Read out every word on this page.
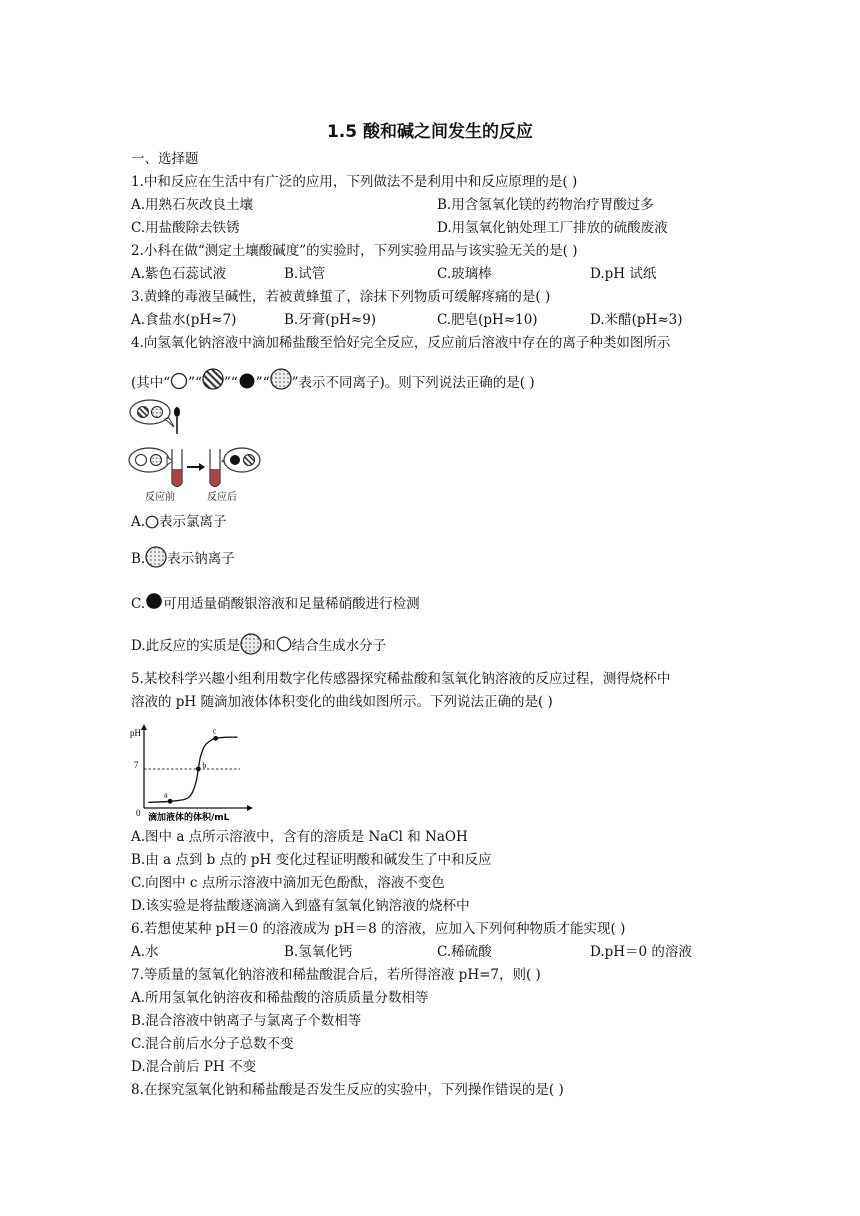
1.5 酸和碱之间发生的反应
一、选择题
1.中和反应在生活中有广泛的应用，下列做法不是利用中和反应原理的是( )
A.用熟石灰改良土壤	B.用含氢氧化镁的药物治疗胃酸过多
C.用盐酸除去铁锈	D.用氢氧化钠处理工厂排放的硫酸废液
2.小科在做“测定土壤酸碱度”的实验时，下列实验用品与该实验无关的是( )
A.紫色石蕊试液	B.试管	C.玻璃棒	D.pH 试纸
3.黄蜂的毒液呈碱性，若被黄蜂蜇了，涂抹下列物质可缓解疼痛的是( )
A.食盐水(pH≈7)	B.牙膏(pH≈9)	C.肥皂(pH≈10)	D.米醋(pH≈3)
4.向氢氧化钠溶液中滴加稀盐酸至恰好完全反应，反应前后溶液中存在的离子种类如图所示
(其中“ ”“ ”“ ”“ ”表示不同离子)。则下列说法正确的是( )
反应前	反应后
A. 表示氯离子
B. 表示钠离子
C. 可用适量硝酸银溶液和足量稀硝酸进行检测
D.此反应的实质是 和 结合生成水分子
5.某校科学兴趣小组利用数字化传感器探究稀盐酸和氢氧化钠溶液的反应过程，测得烧杯中
溶液的 pH 随滴加液体体积变化的曲线如图所示。下列说法正确的是( )
pH
0
7
a
b
c
滴加液体的体积/mL
A.图中 a 点所示溶液中，含有的溶质是 NaCl 和 NaOH
B.由 a 点到 b 点的 pH 变化过程证明酸和碱发生了中和反应
C.向图中 c 点所示溶液中滴加无色酚酞，溶液不变色
D.该实验是将盐酸逐滴滴入到盛有氢氧化钠溶液的烧杯中
6.若想使某种 pH＝0 的溶液成为 pH＝8 的溶液，应加入下列何种物质才能实现( )
A.水	B.氢氧化钙	C.稀硫酸	D.pH＝0 的溶液
7.等质量的氢氧化钠溶液和稀盐酸混合后，若所得溶液 pH=7，则( )
A.所用氢氧化钠溶夜和稀盐酸的溶质质量分数相等
B.混合溶液中钠离子与氯离子个数相等
C.混合前后水分子总数不变
D.混合前后 PH 不变
8.在探究氢氧化钠和稀盐酸是否发生反应的实验中，下列操作错误的是( )
